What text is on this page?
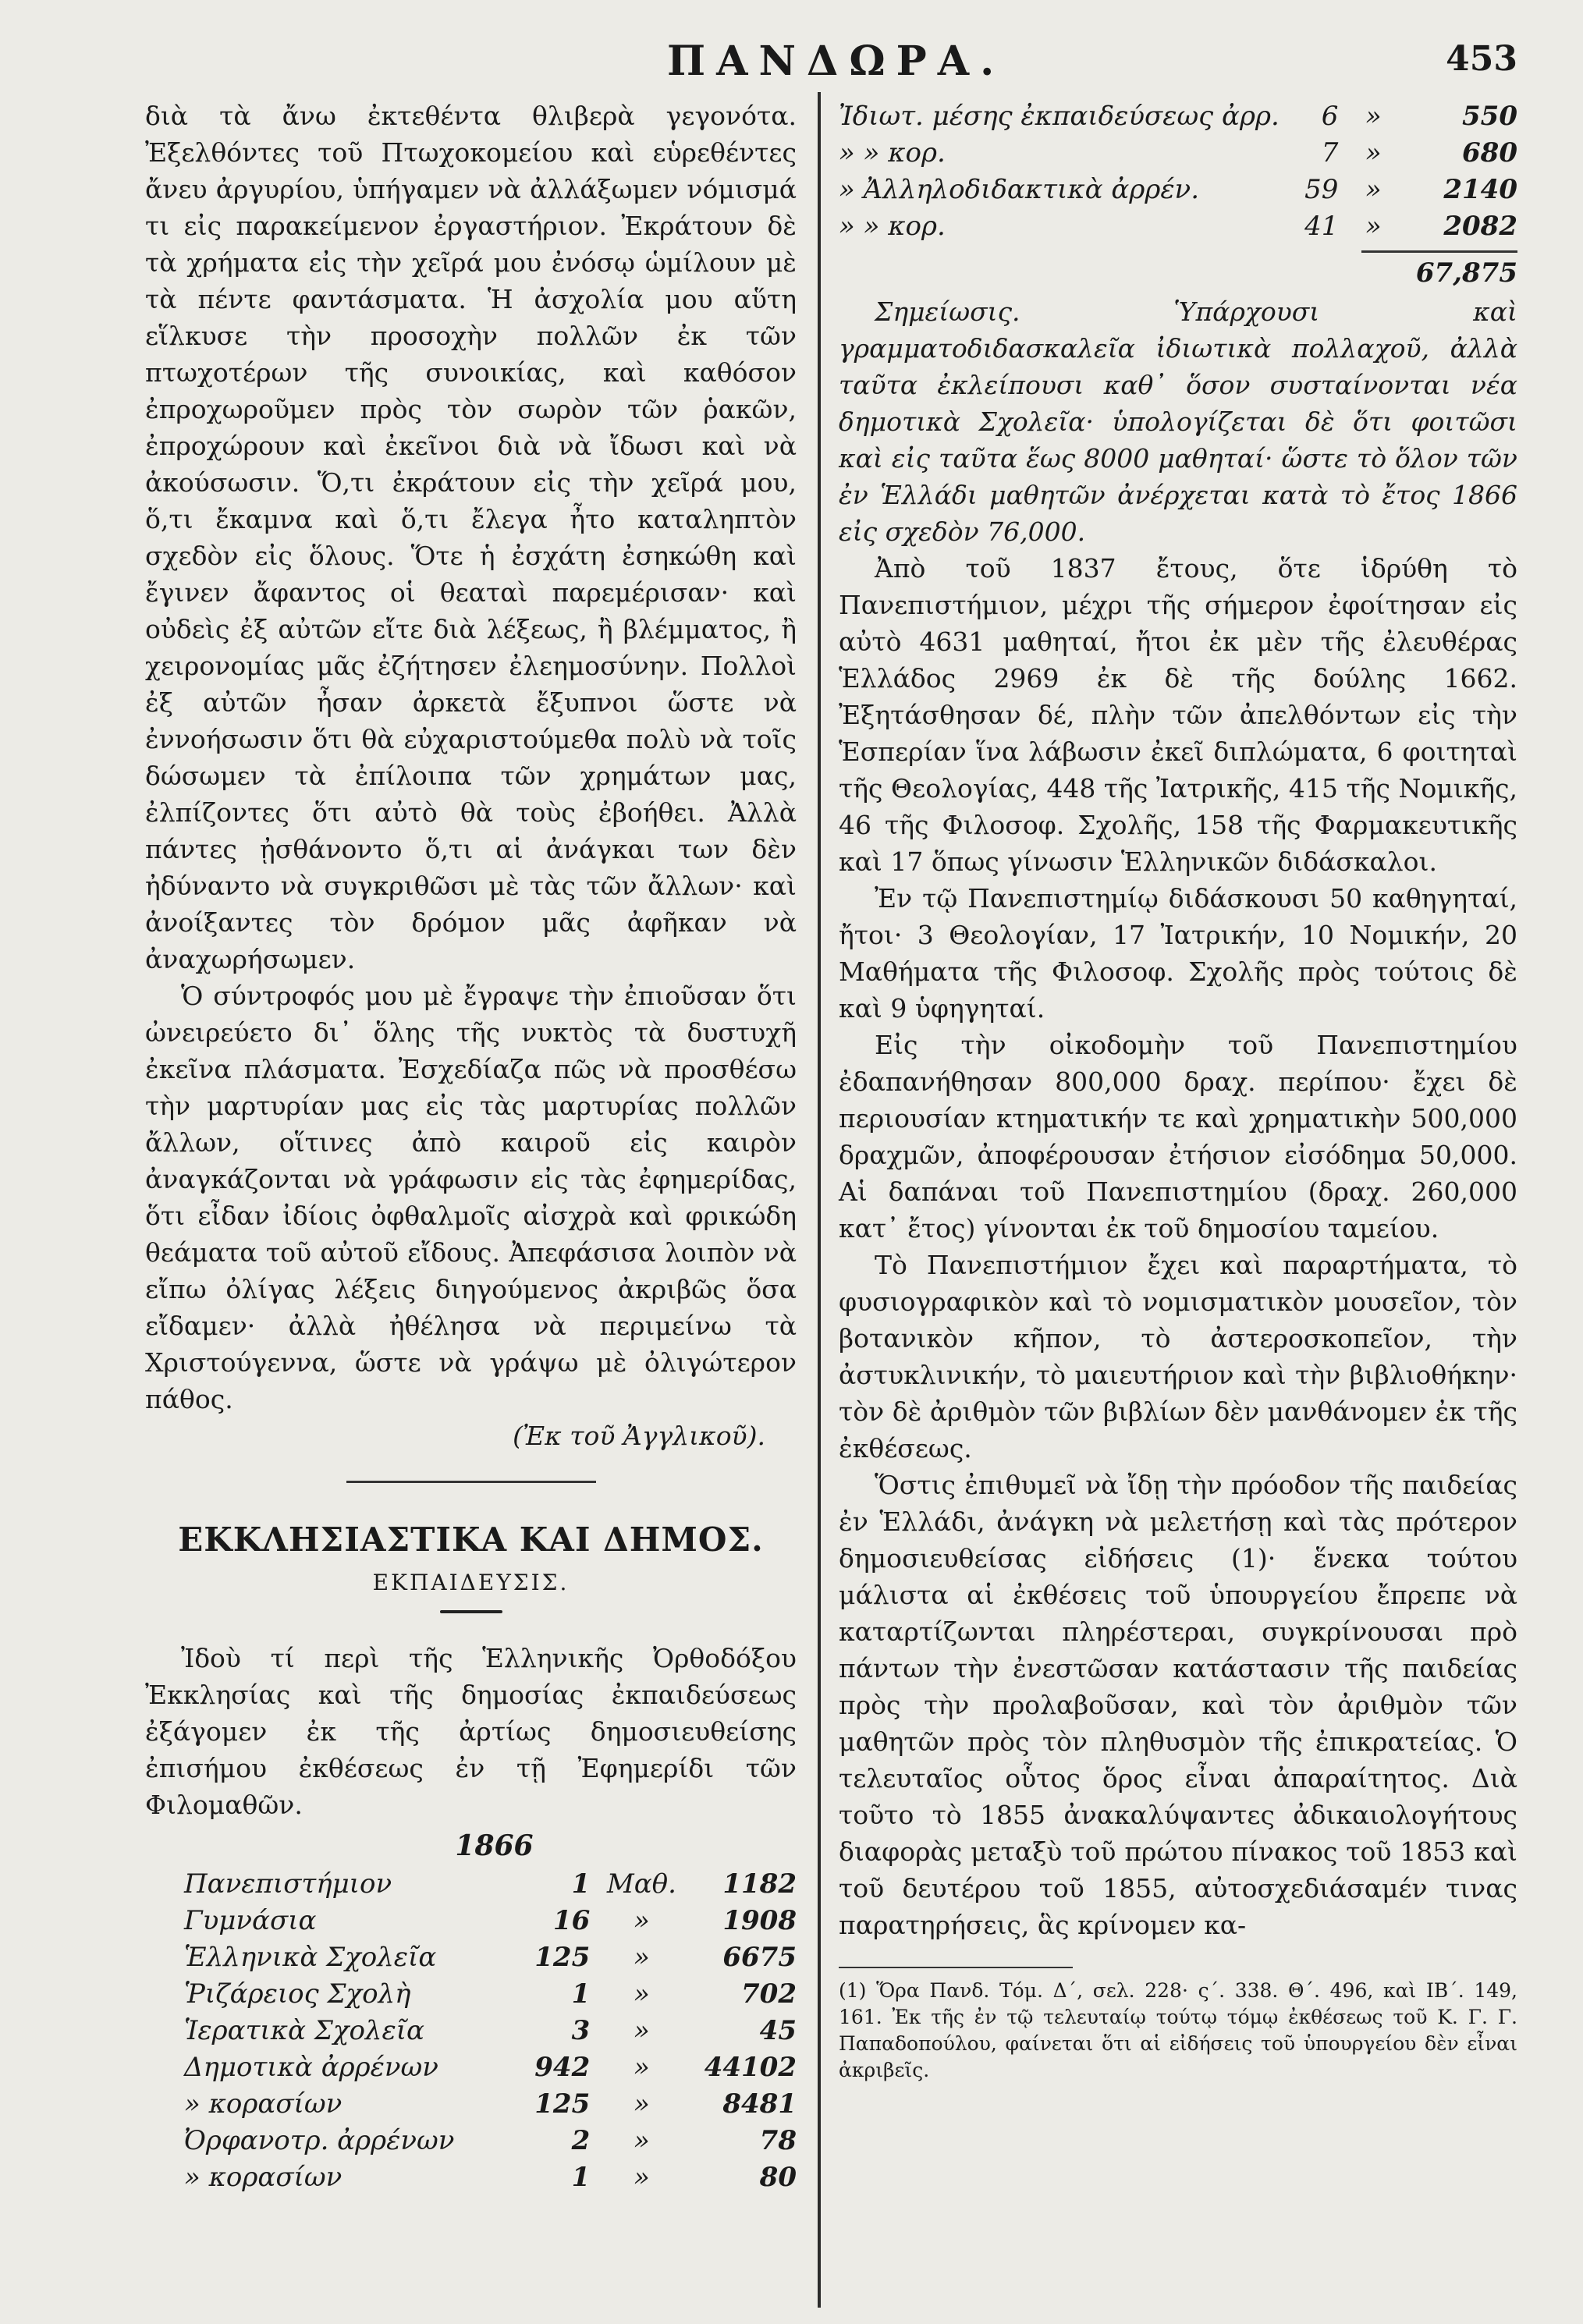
ΠΑΝΔΩΡΑ.	453

διὰ τὰ ἄνω ἐκτεθέντα θλιβερὰ γεγονότα. Ἐξελθόντες τοῦ Πτωχοκομείου καὶ εὑρεθέντες ἄνευ ἀργυρίου, ὑπήγαμεν νὰ ἀλλάξωμεν νόμισμά τι εἰς παρακείμενον ἐργαστήριον. Ἐκράτουν δὲ τὰ χρήματα εἰς τὴν χεῖρά μου ἐνόσῳ ὡμίλουν μὲ τὰ πέντε φαντάσματα. Ἡ ἀσχολία μου αὕτη εἵλκυσε τὴν προσοχὴν πολλῶν ἐκ τῶν πτωχοτέρων τῆς συνοικίας, καὶ καθόσον ἐπροχωροῦμεν πρὸς τὸν σωρὸν τῶν ῥακῶν, ἐπροχώρουν καὶ ἐκεῖνοι διὰ νὰ ἴδωσι καὶ νὰ ἀκούσωσιν. Ὅ,τι ἐκράτουν εἰς τὴν χεῖρά μου, ὅ,τι ἔκαμνα καὶ ὅ,τι ἔλεγα ἦτο καταληπτὸν σχεδὸν εἰς ὅλους. Ὅτε ἡ ἐσχάτη ἐσηκώθη καὶ ἔγινεν ἄφαντος οἱ θεαταὶ παρεμέρισαν· καὶ οὐδεὶς ἐξ αὐτῶν εἴτε διὰ λέξεως, ἢ βλέμματος, ἢ χειρονομίας μᾶς ἐζήτησεν ἐλεημοσύνην. Πολλοὶ ἐξ αὐτῶν ἦσαν ἀρκετὰ ἔξυπνοι ὥστε νὰ ἐννοήσωσιν ὅτι θὰ εὐχαριστούμεθα πολὺ νὰ τοῖς δώσωμεν τὰ ἐπίλοιπα τῶν χρημάτων μας, ἐλπίζοντες ὅτι αὐτὸ θὰ τοὺς ἐβοήθει. Ἀλλὰ πάντες ᾐσθάνοντο ὅ,τι αἱ ἀνάγκαι των δὲν ἠδύναντο νὰ συγκριθῶσι μὲ τὰς τῶν ἄλλων· καὶ ἀνοίξαντες τὸν δρόμον μᾶς ἀφῆκαν νὰ ἀναχωρήσωμεν.

Ὁ σύντροφός μου μὲ ἔγραψε τὴν ἐπιοῦσαν ὅτι ὠνειρεύετο δι᾽ ὅλης τῆς νυκτὸς τὰ δυστυχῆ ἐκεῖνα πλάσματα. Ἐσχεδίαζα πῶς νὰ προσθέσω τὴν μαρτυρίαν μας εἰς τὰς μαρτυρίας πολλῶν ἄλλων, οἵτινες ἀπὸ καιροῦ εἰς καιρὸν ἀναγκάζονται νὰ γράφωσιν εἰς τὰς ἐφημερίδας, ὅτι εἶδαν ἰδίοις ὀφθαλμοῖς αἰσχρὰ καὶ φρικώδη θεάματα τοῦ αὐτοῦ εἴδους. Ἀπεφάσισα λοιπὸν νὰ εἴπω ὀλίγας λέξεις διηγούμενος ἀκριβῶς ὅσα εἴδαμεν· ἀλλὰ ἠθέλησα νὰ περιμείνω τὰ Χριστούγεννα, ὥστε νὰ γράψω μὲ ὀλιγώτερον πάθος.

(Ἐκ τοῦ Ἀγγλικοῦ).
ΕΚΚΛΗΣΙΑΣΤΙΚΑ ΚΑΙ ΔΗΜΟΣ.
ΕΚΠΑΙΔΕΥΣΙΣ.

Ἰδοὺ τί περὶ τῆς Ἑλληνικῆς Ὀρθοδόξου Ἐκκλησίας καὶ τῆς δημοσίας ἐκπαιδεύσεως ἐξάγομεν ἐκ τῆς ἀρτίως δημοσιευθείσης ἐπισήμου ἐκθέσεως ἐν τῇ Ἐφημερίδι τῶν Φιλομαθῶν.

1866
Πανεπιστήμιον	1	Μαθ.	1182
Γυμνάσια	16	»	1908
Ἑλληνικὰ Σχολεῖα	125	»	6675
Ῥιζάρειος Σχολὴ	1	»	702
Ἱερατικὰ Σχολεῖα	3	»	45
Δημοτικὰ ἀρρένων	942	»	44102
» κορασίων	125	»	8481
Ὀρφανοτρ. ἀρρένων	2	»	78
» κορασίων	1	»	80
Ἰδιωτ. μέσης ἐκπαιδεύσεως ἀρρ.	6	»	550
» » κορ.	7	»	680
» Ἀλληλοδιδακτικὰ ἀρρέν.	59	»	2140
» » κορ.	41	»	2082
67,875

Σημείωσις. Ὑπάρχουσι καὶ γραμματοδιδασκαλεῖα ἰδιωτικὰ πολλαχοῦ, ἀλλὰ ταῦτα ἐκλείπουσι καθ᾽ ὅσον συσταίνονται νέα δημοτικὰ Σχολεῖα· ὑπολογίζεται δὲ ὅτι φοιτῶσι καὶ εἰς ταῦτα ἕως 8000 μαθηταί· ὥστε τὸ ὅλον τῶν ἐν Ἑλλάδι μαθητῶν ἀνέρχεται κατὰ τὸ ἔτος 1866 εἰς σχεδὸν 76,000.

Ἀπὸ τοῦ 1837 ἔτους, ὅτε ἱδρύθη τὸ Πανεπιστήμιον, μέχρι τῆς σήμερον ἐφοίτησαν εἰς αὐτὸ 4631 μαθηταί, ἤτοι ἐκ μὲν τῆς ἐλευθέρας Ἑλλάδος 2969 ἐκ δὲ τῆς δούλης 1662. Ἐξητάσθησαν δέ, πλὴν τῶν ἀπελθόντων εἰς τὴν Ἑσπερίαν ἵνα λάβωσιν ἐκεῖ διπλώματα, 6 φοιτηταὶ τῆς Θεολογίας, 448 τῆς Ἰατρικῆς, 415 τῆς Νομικῆς, 46 τῆς Φιλοσοφ. Σχολῆς, 158 τῆς Φαρμακευτικῆς καὶ 17 ὅπως γίνωσιν Ἑλληνικῶν διδάσκαλοι.

Ἐν τῷ Πανεπιστημίῳ διδάσκουσι 50 καθηγηταί, ἤτοι· 3 Θεολογίαν, 17 Ἰατρικήν, 10 Νομικήν, 20 Μαθήματα τῆς Φιλοσοφ. Σχολῆς πρὸς τούτοις δὲ καὶ 9 ὑφηγηταί.

Εἰς τὴν οἰκοδομὴν τοῦ Πανεπιστημίου ἐδαπανήθησαν 800,000 δραχ. περίπου· ἔχει δὲ περιουσίαν κτηματικήν τε καὶ χρηματικὴν 500,000 δραχμῶν, ἀποφέρουσαν ἐτήσιον εἰσόδημα 50,000. Αἱ δαπάναι τοῦ Πανεπιστημίου (δραχ. 260,000 κατ᾽ ἔτος) γίνονται ἐκ τοῦ δημοσίου ταμείου.

Τὸ Πανεπιστήμιον ἔχει καὶ παραρτήματα, τὸ φυσιογραφικὸν καὶ τὸ νομισματικὸν μουσεῖον, τὸν βοτανικὸν κῆπον, τὸ ἀστεροσκοπεῖον, τὴν ἀστυκλινικήν, τὸ μαιευτήριον καὶ τὴν βιβλιοθήκην· τὸν δὲ ἀριθμὸν τῶν βιβλίων δὲν μανθάνομεν ἐκ τῆς ἐκθέσεως.

Ὅστις ἐπιθυμεῖ νὰ ἴδῃ τὴν πρόοδον τῆς παιδείας ἐν Ἑλλάδι, ἀνάγκη νὰ μελετήσῃ καὶ τὰς πρότερον δημοσιευθείσας εἰδήσεις (1)· ἕνεκα τούτου μάλιστα αἱ ἐκθέσεις τοῦ ὑπουργείου ἔπρεπε νὰ καταρτίζωνται πληρέστεραι, συγκρίνουσαι πρὸ πάντων τὴν ἐνεστῶσαν κατάστασιν τῆς παιδείας πρὸς τὴν προλαβοῦσαν, καὶ τὸν ἀριθμὸν τῶν μαθητῶν πρὸς τὸν πληθυσμὸν τῆς ἐπικρατείας. Ὁ τελευταῖος οὗτος ὅρος εἶναι ἀπαραίτητος. Διὰ τοῦτο τὸ 1855 ἀνακαλύψαντες ἀδικαιολογήτους διαφορὰς μεταξὺ τοῦ πρώτου πίνακος τοῦ 1853 καὶ τοῦ δευτέρου τοῦ 1855, αὐτοσχεδιάσαμέν τινας παρατηρήσεις, ἃς κρίνομεν κα-

(1) Ὅρα Πανδ. Τόμ. Δ΄, σελ. 228· ς΄. 338. Θ΄. 496, καὶ ΙΒ΄. 149, 161. Ἐκ τῆς ἐν τῷ τελευταίῳ τούτῳ τόμῳ ἐκθέσεως τοῦ Κ. Γ. Γ. Παπαδοπούλου, φαίνεται ὅτι αἱ εἰδήσεις τοῦ ὑπουργείου δὲν εἶναι ἀκριβεῖς.
